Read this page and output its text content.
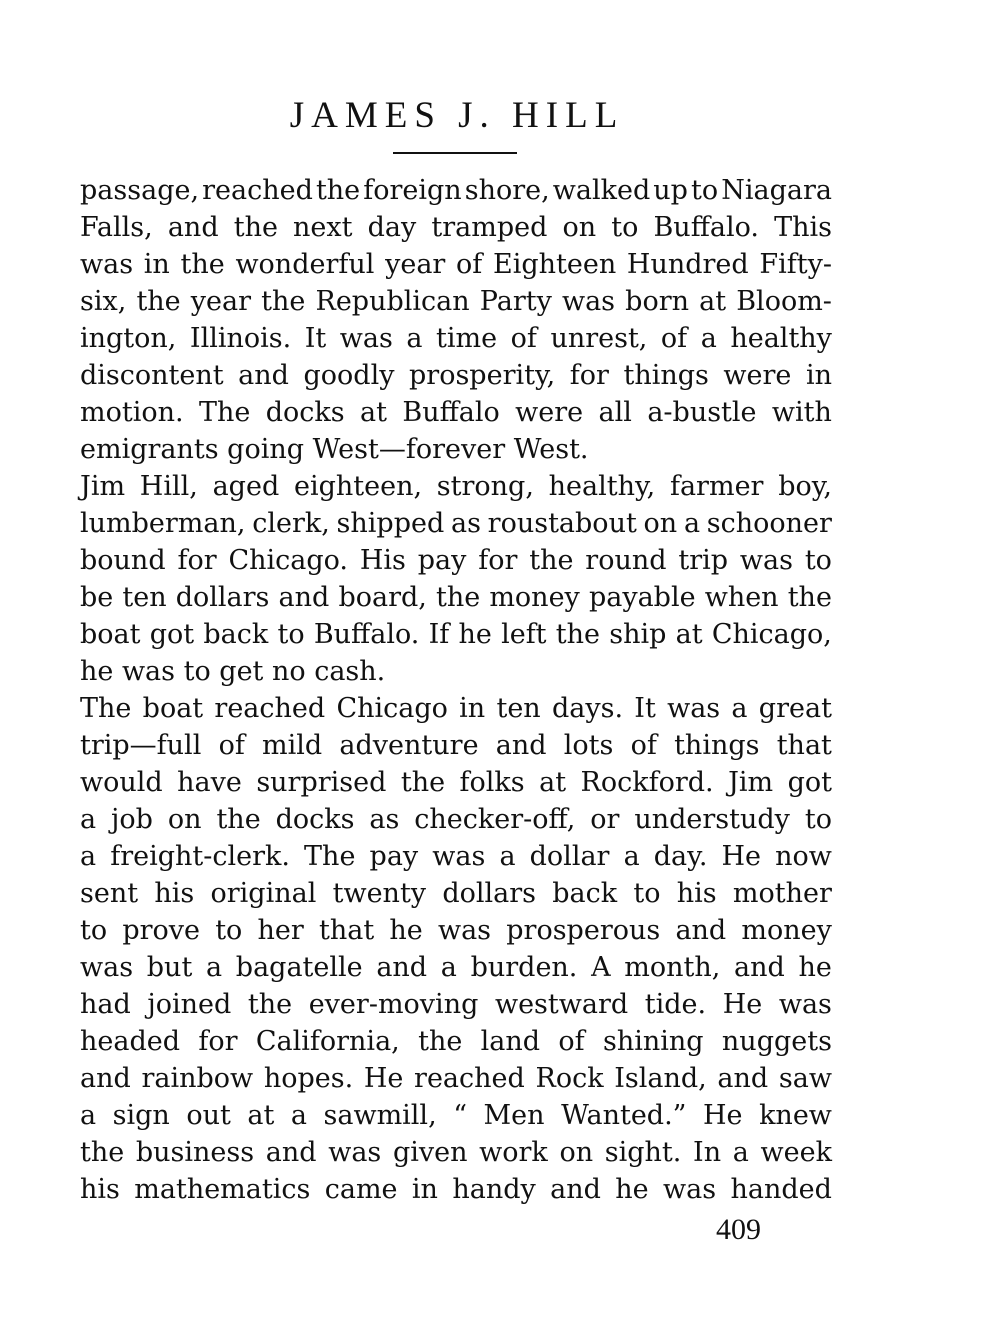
JAMES J. HILL
passage, reached the foreign shore, walked up to Niagara
Falls, and the next day tramped on to Buffalo. This
was in the wonderful year of Eighteen Hundred Fifty-
six, the year the Republican Party was born at Bloom-
ington, Illinois. It was a time of unrest, of a healthy
discontent and goodly prosperity, for things were in
motion. The docks at Buffalo were all a-bustle with
emigrants going West—forever West.
Jim Hill, aged eighteen, strong, healthy, farmer boy,
lumberman, clerk, shipped as roustabout on a schooner
bound for Chicago. His pay for the round trip was to
be ten dollars and board, the money payable when the
boat got back to Buffalo. If he left the ship at Chicago,
he was to get no cash.
The boat reached Chicago in ten days. It was a great
trip—full of mild adventure and lots of things that
would have surprised the folks at Rockford. Jim got
a job on the docks as checker-off, or understudy to
a freight-clerk. The pay was a dollar a day. He now
sent his original twenty dollars back to his mother
to prove to her that he was prosperous and money
was but a bagatelle and a burden. A month, and he
had joined the ever-moving westward tide. He was
headed for California, the land of shining nuggets
and rainbow hopes. He reached Rock Island, and saw
a sign out at a sawmill, “ Men Wanted.” He knew
the business and was given work on sight. In a week
his mathematics came in handy and he was handed

409
